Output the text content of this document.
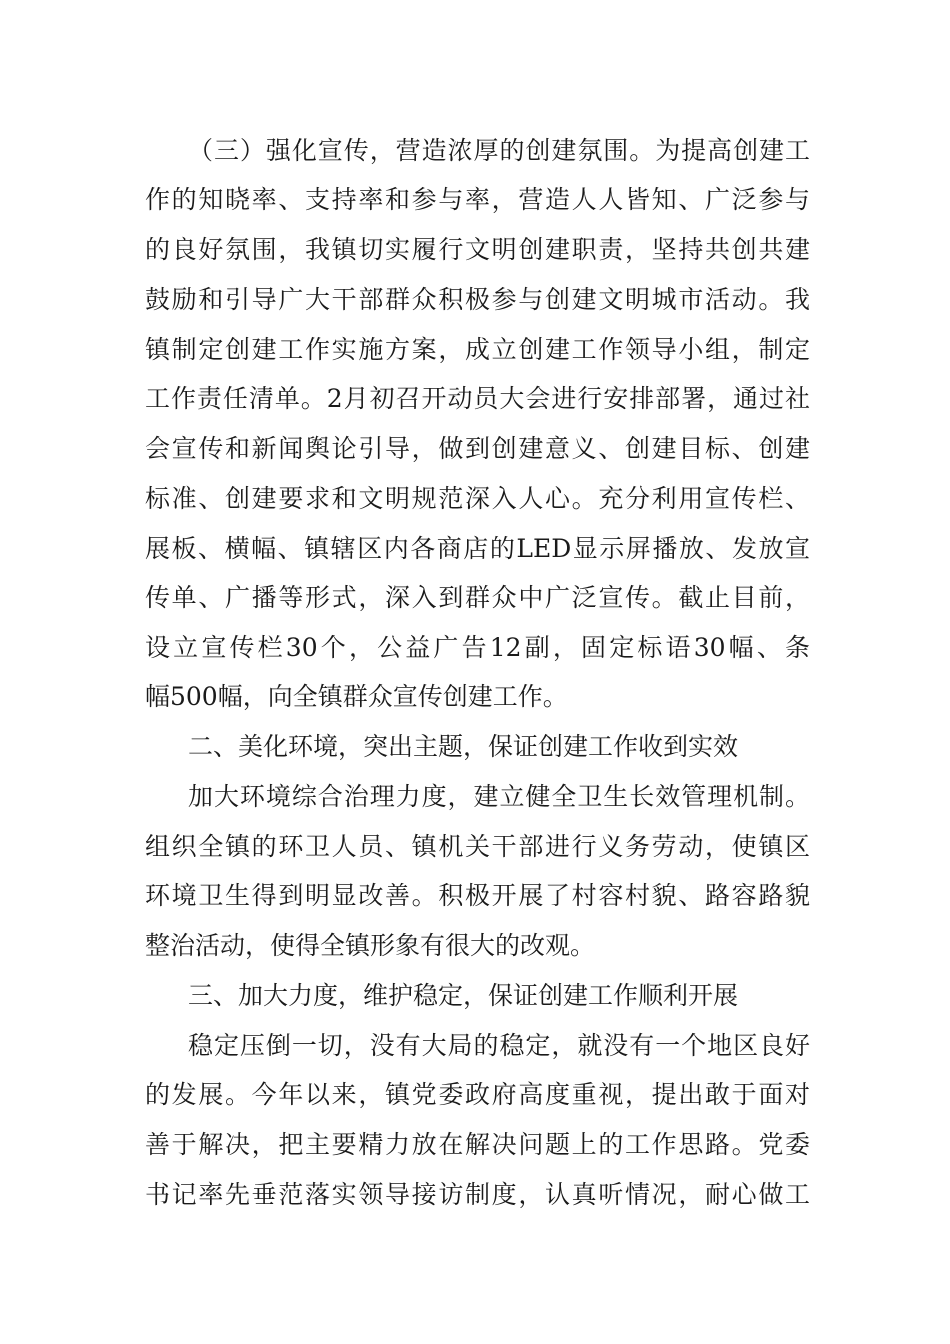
（三）强化宣传，营造浓厚的创建氛围。为提高创建工
作的知晓率、支持率和参与率，营造人人皆知、广泛参与
的良好氛围，我镇切实履行文明创建职责，坚持共创共建
鼓励和引导广大干部群众积极参与创建文明城市活动。我
镇制定创建工作实施方案，成立创建工作领导小组，制定
工作责任清单。2月初召开动员大会进行安排部署，通过社
会宣传和新闻舆论引导，做到创建意义、创建目标、创建
标准、创建要求和文明规范深入人心。充分利用宣传栏、
展板、横幅、镇辖区内各商店的LED显示屏播放、发放宣
传单、广播等形式，深入到群众中广泛宣传。截止目前，
设立宣传栏30个，公益广告12副，固定标语30幅、条
幅500幅，向全镇群众宣传创建工作。
二、美化环境，突出主题，保证创建工作收到实效
加大环境综合治理力度，建立健全卫生长效管理机制。
组织全镇的环卫人员、镇机关干部进行义务劳动，使镇区
环境卫生得到明显改善。积极开展了村容村貌、路容路貌
整治活动，使得全镇形象有很大的改观。
三、加大力度，维护稳定，保证创建工作顺利开展
稳定压倒一切，没有大局的稳定，就没有一个地区良好
的发展。今年以来，镇党委政府高度重视，提出敢于面对
善于解决，把主要精力放在解决问题上的工作思路。党委
书记率先垂范落实领导接访制度，认真听情况，耐心做工
